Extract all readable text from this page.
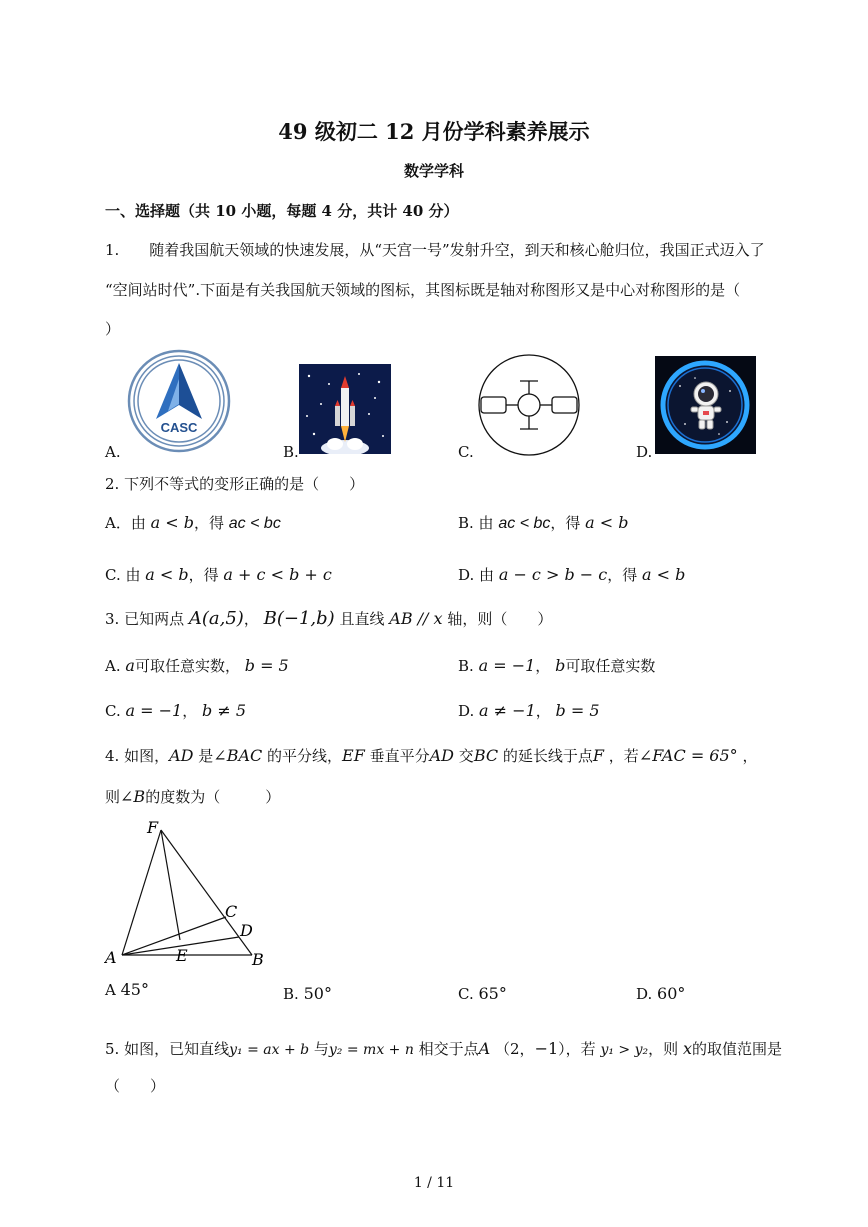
49 级初二 12 月份学科素养展示
数学学科
一、选择题（共 10 小题，每题 4 分，共计 40 分）
1.　　随着我国航天领域的快速发展，从“天宫一号”发射升空，到天和核心舱归位，我国正式迈入了
“空间站时代”.下面是有关我国航天领域的图标，其图标既是轴对称图形又是中心对称图形的是（
）
A.
CASC
B.	C.	D.
2. 下列不等式的变形正确的是（　　）
A．由 a < b，得 ac < bc	B. 由 ac < bc，得 a < b
C. 由 a < b，得 a + c < b + c	D. 由 a − c > b − c，得 a < b
3. 已知两点 A(a,5)， B(−1,b) 且直线 AB // x 轴，则（　　）
A. a可取任意实数， b = 5	B. a = −1， b可取任意实数
C. a = −1， b ≠ 5	D. a ≠ −1， b = 5
4. 如图，AD 是∠BAC 的平分线，EF 垂直平分AD 交BC 的延长线于点F ，若∠FAC = 65° ，
则∠B的度数为（　　　）
F
C
D
A	E	B
A 45°	B. 50°	C. 65°	D. 60°
5. 如图，已知直线y₁ = ax + b 与y₂ = mx + n 相交于点A （2，−1），若 y₁ > y₂，则 x的取值范围是
（　　）
1 / 11
